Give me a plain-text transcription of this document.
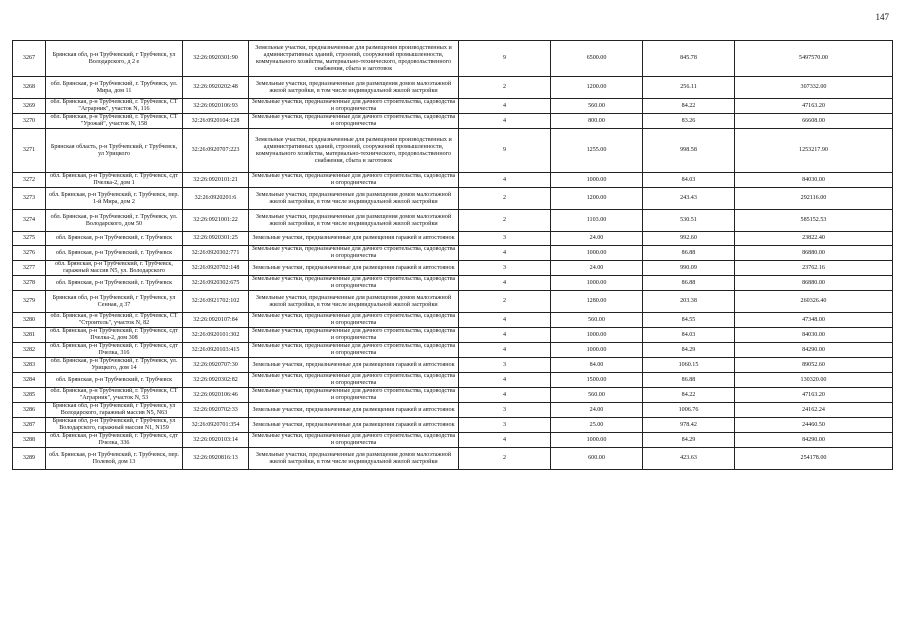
147
3267	Брянская обл, р-н Трубчевский, г Трубчевск, ул Володарского, д 2 е	32:26:0920301:90	Земельные участки, предназначенные для размещения производственных и административных зданий, строений, сооружений промышленности, коммунального хозяйства, материально-технического, продовольственного снабжения, сбыта и заготовок	9	6500.00	845.78	5497570.00
3268	обл. Брянская, р-н Трубчевский, г. Трубчевск, ул. Мира, дом 11	32:26:0920202:48	Земельные участки, предназначенные для размещения домов малоэтажной жилой застройки, в том числе индивидуальной жилой застройки	2	1200.00	256.11	307332.00
3269	обл. Брянская, р-н Трубчевский, г. Трубчевск, СТ "Аграрник", участок N, 116	32:26:0920106:93	Земельные участки, предназначенные для дачного строительства, садоводства и огородничества	4	560.00	84.22	47163.20
3270	обл. Брянская, р-н Трубчевский, г. Трубчевск, СТ "Урожай", участок N, 158	32:26:0920104:128	Земельные участки, предназначенные для дачного строительства, садоводства и огородничества	4	800.00	83.26	66608.00
3271	Брянская область, р-н Трубчевский, г Трубчевск, ул Урицкого	32:26:0920707:223	Земельные участки, предназначенные для размещения производственных и административных зданий, строений, сооружений промышленности, коммунального хозяйства, материально-технического, продовольственного снабжения, сбыта и заготовок	9	1255.00	998.58	1253217.90
3272	обл. Брянская, р-н Трубчевский, г. Трубчевск, сдт Пчелка-2, дом 1	32:26:0920101:21	Земельные участки, предназначенные для дачного строительства, садоводства и огородничества	4	1000.00	84.03	84030.00
3273	обл. Брянская, р-н Трубчевский, г. Трубчевск, пер. 1-й Мира, дом 2	32:26:0920201:6	Земельные участки, предназначенные для размещения домов малоэтажной жилой застройки, в том числе индивидуальной жилой застройки	2	1200.00	243.43	292116.00
3274	обл. Брянская, р-н Трубчевский, г. Трубчевск, ул. Володарского, дом 50	32:26:0921001:22	Земельные участки, предназначенные для размещения домов малоэтажной жилой застройки, в том числе индивидуальной жилой застройки	2	1103.00	530.51	585152.53
3275	обл. Брянская, р-н Трубчевский, г. Трубчевск	32:26:0920301:25	Земельные участки, предназначенные для размещения гаражей и автостоянок	3	24.00	992.60	23822.40
3276	обл. Брянская, р-н Трубчевский, г. Трубчевск	32:26:0920302:771	Земельные участки, предназначенные для дачного строительства, садоводства и огородничества	4	1000.00	86.88	86880.00
3277	обл. Брянская, р-н Трубчевский, г. Трубчевск, гаражный массив N5, ул. Володарского	32:26:0920702:148	Земельные участки, предназначенные для размещения гаражей и автостоянок	3	24.00	990.09	23762.16
3278	обл. Брянская, р-н Трубчевский, г. Трубчевск	32:26:0920302:675	Земельные участки, предназначенные для дачного строительства, садоводства и огородничества	4	1000.00	86.88	86880.00
3279	Брянская обл, р-н Трубчевский, г Трубчевск, ул Сенная, д 37	32:26:0921702:102	Земельные участки, предназначенные для размещения домов малоэтажной жилой застройки, в том числе индивидуальной жилой застройки	2	1280.00	203.38	260326.40
3280	обл. Брянская, р-н Трубчевский, г. Трубчевск, СТ "Строитель", участок N, 82	32:26:0920107:84	Земельные участки, предназначенные для дачного строительства, садоводства и огородничества	4	560.00	84.55	47348.00
3281	обл. Брянская, р-н Трубчевский, г. Трубчевск, сдт Пчелка-2, дом 308	32:26:0920101:302	Земельные участки, предназначенные для дачного строительства, садоводства и огородничества	4	1000.00	84.03	84030.00
3282	обл. Брянская, р-н Трубчевский, г. Трубчевск, сдт Пчелка, 316	32:26:0920103:415	Земельные участки, предназначенные для дачного строительства, садоводства и огородничества	4	1000.00	84.29	84290.00
3283	обл. Брянская, р-н Трубчевский, г. Трубчевск, ул. Урицкого, дом 14	32:26:0920707:30	Земельные участки, предназначенные для размещения гаражей и автостоянок	3	84.00	1060.15	89052.60
3284	обл. Брянская, р-н Трубчевский, г. Трубчевск	32:26:0920302:82	Земельные участки, предназначенные для дачного строительства, садоводства и огородничества	4	1500.00	86.88	130320.00
3285	обл. Брянская, р-н Трубчевский, г. Трубчевск, СТ "Аграрник", участок N, 53	32:26:0920106:46	Земельные участки, предназначенные для дачного строительства, садоводства и огородничества	4	560.00	84.22	47163.20
3286	Брянская обл, р-н Трубчевский, г Трубчевск, ул Володарского, гаражный массив N5, N63	32:26:0920702:33	Земельные участки, предназначенные для размещения гаражей и автостоянок	3	24.00	1006.76	24162.24
3287	Брянская обл, р-н Трубчевский, г Трубчевск, ул Володарского, гаражный массив N1, N159	32:26:0920701:354	Земельные участки, предназначенные для размещения гаражей и автостоянок	3	25.00	978.42	24460.50
3288	обл. Брянская, р-н Трубчевский, г. Трубчевск, сдт Пчелка, 336	32:26:0920103:14	Земельные участки, предназначенные для дачного строительства, садоводства и огородничества	4	1000.00	84.29	84290.00
3289	обл. Брянская, р-н Трубчевский, г. Трубчевск, пер. Полевой, дом 13	32:26:0920816:13	Земельные участки, предназначенные для размещения домов малоэтажной жилой застройки, в том числе индивидуальной жилой застройки	2	600.00	423.63	254178.00
